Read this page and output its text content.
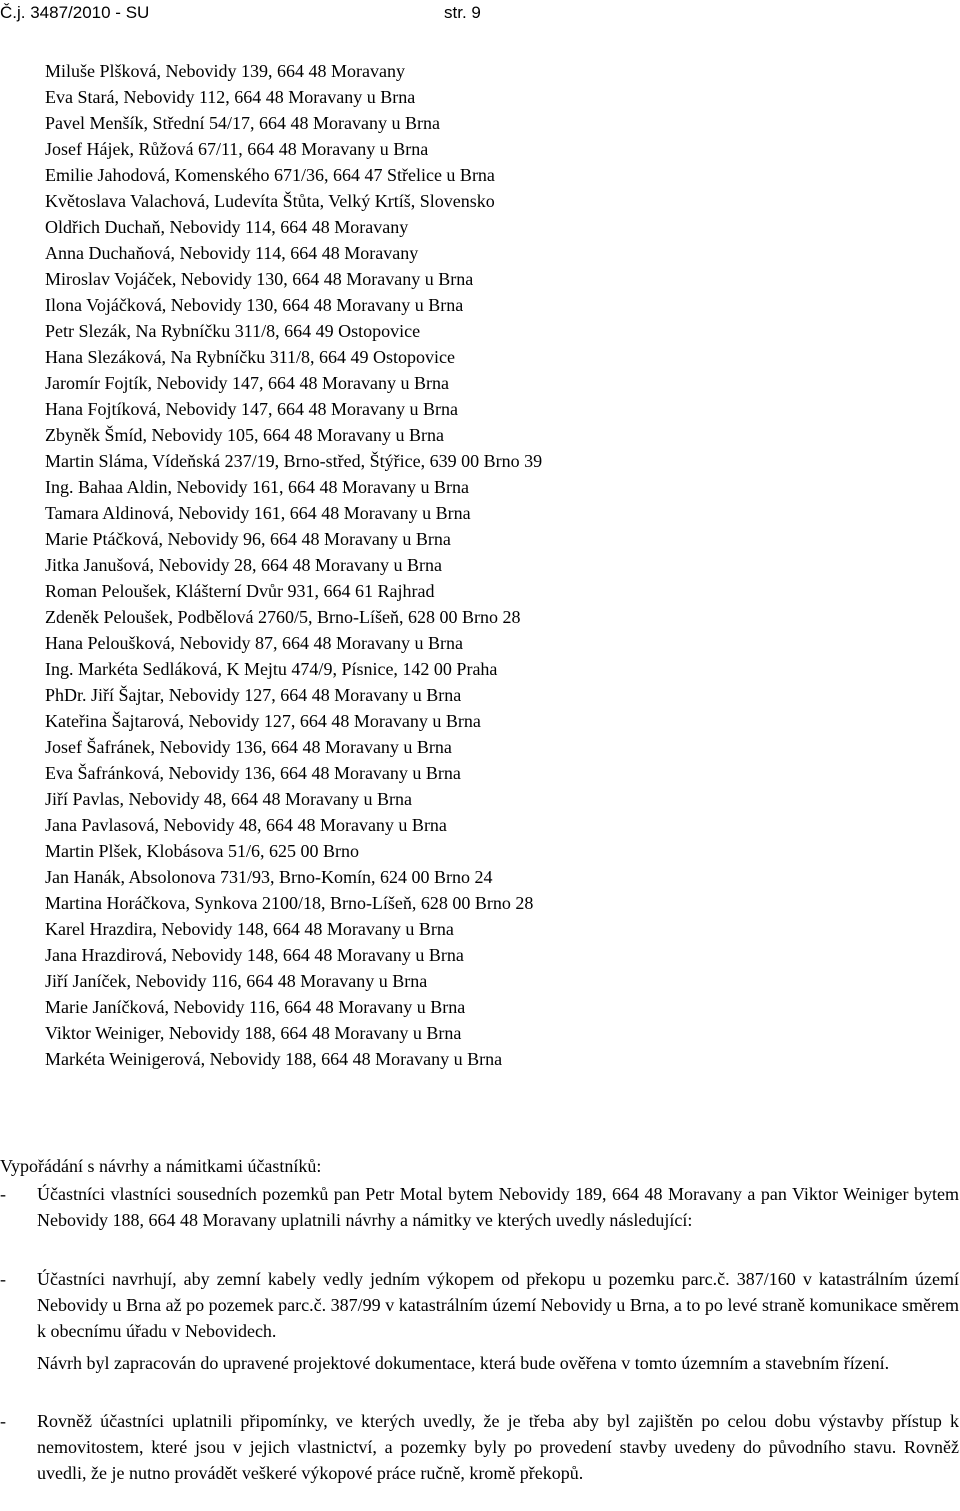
Č.j. 3487/2010 - SU	str. 9
Miluše Plšková, Nebovidy 139, 664 48 Moravany
Eva Stará, Nebovidy 112, 664 48 Moravany u Brna
Pavel Menšík, Střední 54/17, 664 48 Moravany u Brna
Josef Hájek, Růžová 67/11, 664 48 Moravany u Brna
Emilie Jahodová, Komenského 671/36, 664 47 Střelice u Brna
Květoslava Valachová, Ludevíta Štůta, Velký Krtíš, Slovensko
Oldřich Duchaň, Nebovidy 114, 664 48 Moravany
Anna Duchaňová, Nebovidy 114, 664 48 Moravany
Miroslav Vojáček, Nebovidy 130, 664 48 Moravany u Brna
Ilona Vojáčková, Nebovidy 130, 664 48 Moravany u Brna
Petr Slezák, Na Rybníčku 311/8, 664 49 Ostopovice
Hana Slezáková, Na Rybníčku 311/8, 664 49 Ostopovice
Jaromír Fojtík, Nebovidy 147, 664 48 Moravany u Brna
Hana Fojtíková, Nebovidy 147, 664 48 Moravany u Brna
Zbyněk Šmíd, Nebovidy 105, 664 48 Moravany u Brna
Martin Sláma, Vídeňská 237/19, Brno-střed, Štýřice, 639 00 Brno 39
Ing. Bahaa Aldin, Nebovidy 161, 664 48 Moravany u Brna
Tamara Aldinová, Nebovidy 161, 664 48 Moravany u Brna
Marie Ptáčková, Nebovidy 96, 664 48 Moravany u Brna
Jitka Janušová, Nebovidy 28, 664 48 Moravany u Brna
Roman Peloušek, Klášterní Dvůr 931, 664 61 Rajhrad
Zdeněk Peloušek, Podbělová 2760/5, Brno-Líšeň, 628 00 Brno 28
Hana Peloušková, Nebovidy 87, 664 48 Moravany u Brna
Ing. Markéta Sedláková, K Mejtu 474/9, Písnice, 142 00 Praha
PhDr. Jiří Šajtar, Nebovidy 127, 664 48 Moravany u Brna
Kateřina Šajtarová, Nebovidy 127, 664 48 Moravany u Brna
Josef Šafránek, Nebovidy 136, 664 48 Moravany u Brna
Eva Šafránková, Nebovidy 136, 664 48 Moravany u Brna
Jiří Pavlas, Nebovidy 48, 664 48 Moravany u Brna
Jana Pavlasová, Nebovidy 48, 664 48 Moravany u Brna
Martin Plšek, Klobásova 51/6, 625 00 Brno
Jan Hanák, Absolonova 731/93, Brno-Komín, 624 00 Brno 24
Martina Horáčkova, Synkova 2100/18, Brno-Líšeň, 628 00 Brno 28
Karel Hrazdira, Nebovidy 148, 664 48 Moravany u Brna
Jana Hrazdirová, Nebovidy 148, 664 48 Moravany u Brna
Jiří Janíček, Nebovidy 116, 664 48 Moravany u Brna
Marie Janíčková, Nebovidy 116, 664 48 Moravany u Brna
Viktor Weiniger, Nebovidy 188, 664 48 Moravany u Brna
Markéta Weinigerová, Nebovidy 188, 664 48 Moravany u Brna
Vypořádání s návrhy a námitkami účastníků:
- Účastníci vlastníci sousedních pozemků pan Petr Motal bytem Nebovidy 189, 664 48 Moravany a pan Viktor Weiniger bytem Nebovidy 188, 664 48 Moravany uplatnili návrhy a námitky ve kterých uvedly následující:
- Účastníci navrhují, aby zemní kabely vedly jedním výkopem od překopu u pozemku parc.č. 387/160 v katastrálním území Nebovidy u Brna až po pozemek parc.č. 387/99 v katastrálním území Nebovidy u Brna, a to po levé straně komunikace směrem k obecnímu úřadu v Nebovidech.
Návrh byl zapracován do upravené projektové dokumentace, která bude ověřena v tomto územním a stavebním řízení.
- Rovněž účastníci uplatnili připomínky, ve kterých uvedly, že je třeba aby byl zajištěn po celou dobu výstavby přístup k nemovitostem, které jsou v jejich vlastnictví, a pozemky byly po provedení stavby uvedeny do původního stavu. Rovněž uvedli, že je nutno provádět veškeré výkopové práce ručně, kromě překopů.
